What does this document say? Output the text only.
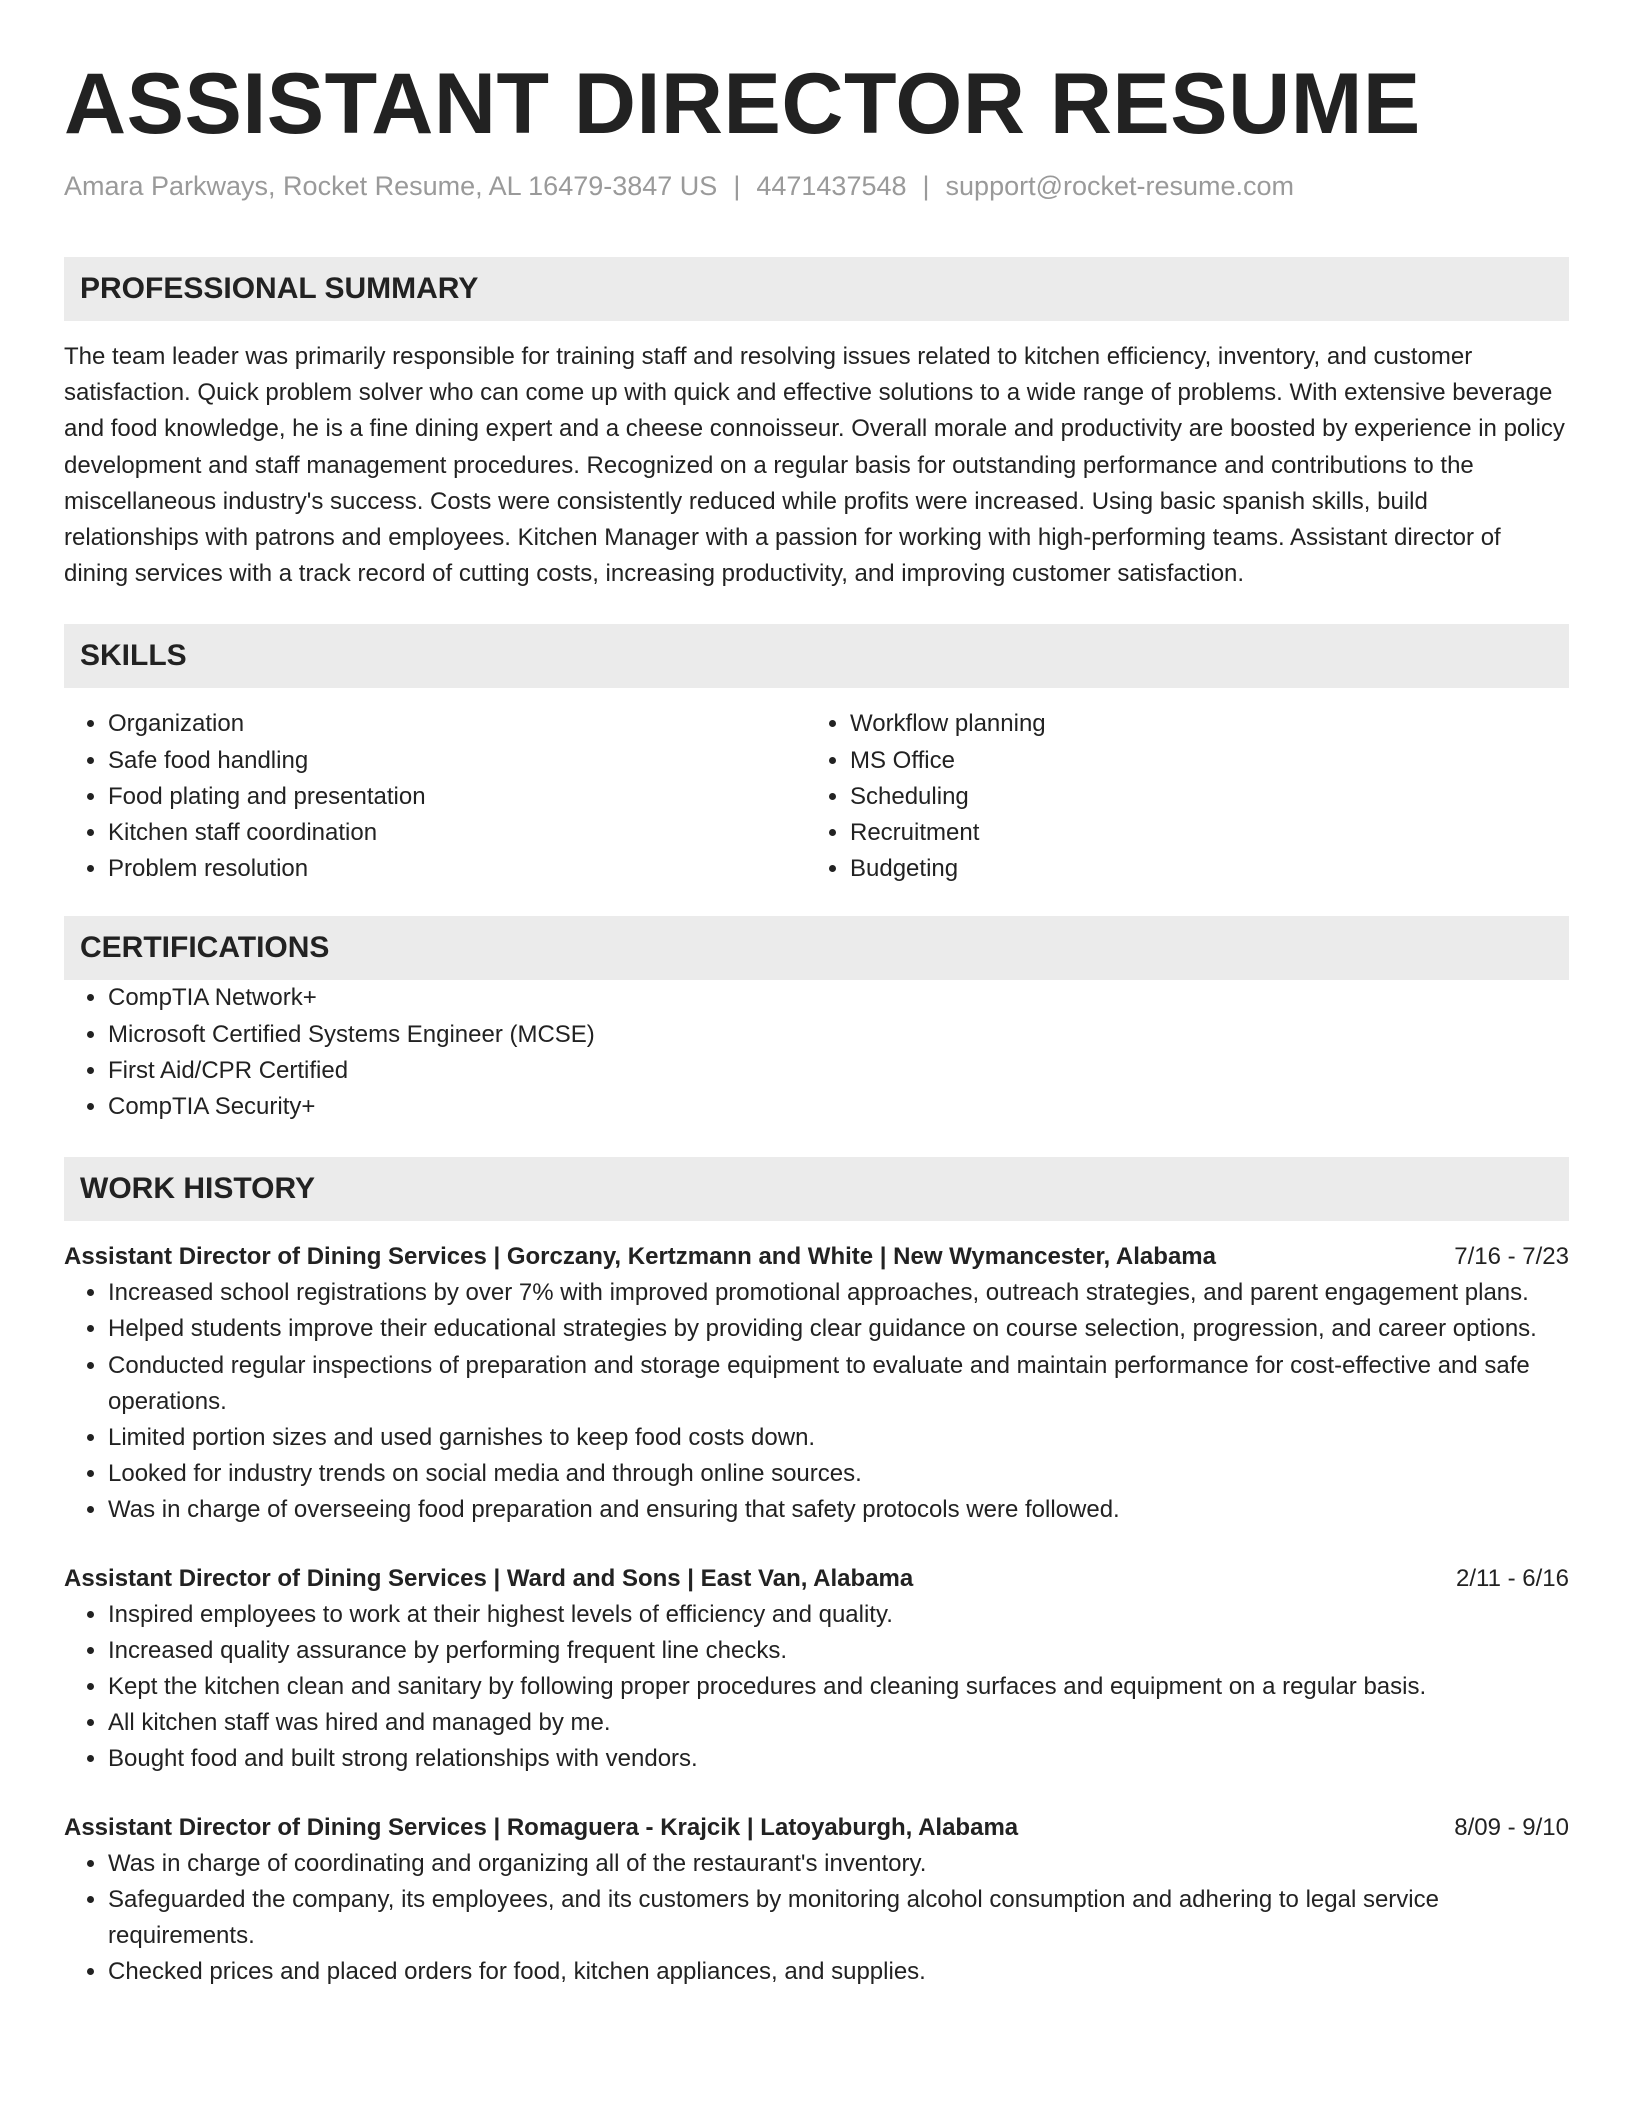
ASSISTANT DIRECTOR RESUME
Amara Parkways, Rocket Resume, AL 16479-3847 US | 4471437548 | support@rocket-resume.com
PROFESSIONAL SUMMARY

The team leader was primarily responsible for training staff and resolving issues related to kitchen efficiency, inventory, and customer satisfaction. Quick problem solver who can come up with quick and effective solutions to a wide range of problems. With extensive beverage and food knowledge, he is a fine dining expert and a cheese connoisseur. Overall morale and productivity are boosted by experience in policy development and staff management procedures. Recognized on a regular basis for outstanding performance and contributions to the miscellaneous industry's success. Costs were consistently reduced while profits were increased. Using basic spanish skills, build relationships with patrons and employees. Kitchen Manager with a passion for working with high-performing teams. Assistant director of dining services with a track record of cutting costs, increasing productivity, and improving customer satisfaction.

SKILLS
• Organization
• Safe food handling
• Food plating and presentation
• Kitchen staff coordination
• Problem resolution
• Workflow planning
• MS Office
• Scheduling
• Recruitment
• Budgeting
CERTIFICATIONS
• CompTIA Network+
• Microsoft Certified Systems Engineer (MCSE)
• First Aid/CPR Certified
• CompTIA Security+
WORK HISTORY
Assistant Director of Dining Services | Gorczany, Kertzmann and White | New Wymancester, Alabama	7/16 - 7/23
• Increased school registrations by over 7% with improved promotional approaches, outreach strategies, and parent engagement plans.
• Helped students improve their educational strategies by providing clear guidance on course selection, progression, and career options.
• Conducted regular inspections of preparation and storage equipment to evaluate and maintain performance for cost-effective and safe operations.
• Limited portion sizes and used garnishes to keep food costs down.
• Looked for industry trends on social media and through online sources.
• Was in charge of overseeing food preparation and ensuring that safety protocols were followed.
Assistant Director of Dining Services | Ward and Sons | East Van, Alabama	2/11 - 6/16
• Inspired employees to work at their highest levels of efficiency and quality.
• Increased quality assurance by performing frequent line checks.
• Kept the kitchen clean and sanitary by following proper procedures and cleaning surfaces and equipment on a regular basis.
• All kitchen staff was hired and managed by me.
• Bought food and built strong relationships with vendors.
Assistant Director of Dining Services | Romaguera - Krajcik | Latoyaburgh, Alabama	8/09 - 9/10
• Was in charge of coordinating and organizing all of the restaurant's inventory.
• Safeguarded the company, its employees, and its customers by monitoring alcohol consumption and adhering to legal service requirements.
• Checked prices and placed orders for food, kitchen appliances, and supplies.
